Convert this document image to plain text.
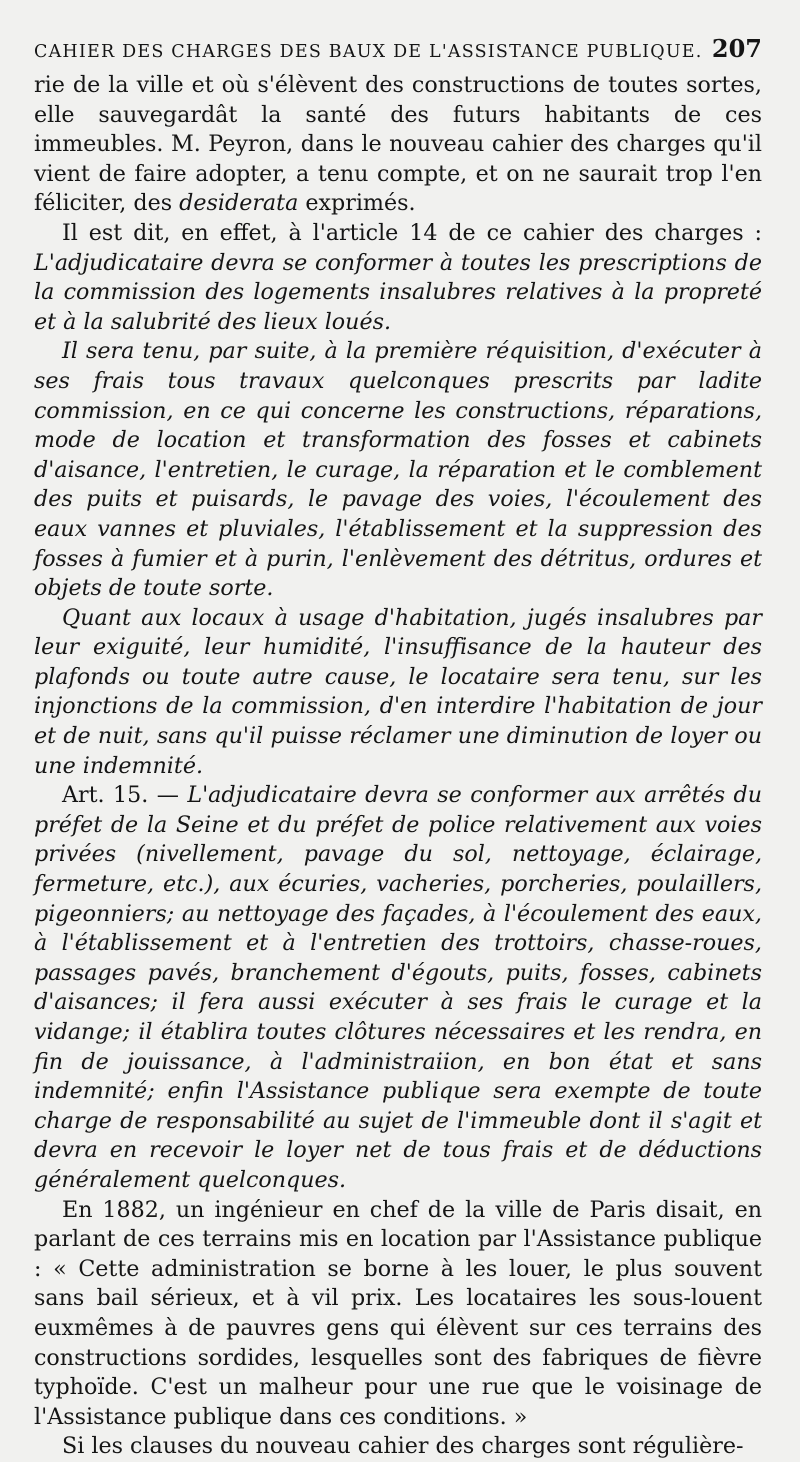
CAHIER DES CHARGES DES BAUX DE L'ASSISTANCE PUBLIQUE. 207

rie de la ville et où s'élèvent des constructions de toutes sortes, elle sauvegardât la santé des futurs habitants de ces immeubles. M. Peyron, dans le nouveau cahier des charges qu'il vient de faire adopter, a tenu compte, et on ne saurait trop l'en féliciter, des desiderata exprimés.

Il est dit, en effet, à l'article 14 de ce cahier des charges : L'adjudicataire devra se conformer à toutes les prescriptions de la commission des logements insalubres relatives à la propreté et à la salubrité des lieux loués.

Il sera tenu, par suite, à la première réquisition, d'exécuter à ses frais tous travaux quelconques prescrits par ladite commission, en ce qui concerne les constructions, réparations, mode de location et transformation des fosses et cabinets d'aisance, l'entretien, le curage, la réparation et le comblement des puits et puisards, le pavage des voies, l'écoulement des eaux vannes et pluviales, l'établissement et la suppression des fosses à fumier et à purin, l'enlèvement des détritus, ordures et objets de toute sorte.

Quant aux locaux à usage d'habitation, jugés insalubres par leur exiguité, leur humidité, l'insuffisance de la hauteur des plafonds ou toute autre cause, le locataire sera tenu, sur les injonctions de la commission, d'en interdire l'habitation de jour et de nuit, sans qu'il puisse réclamer une diminution de loyer ou une indemnité.

Art. 15. — L'adjudicataire devra se conformer aux arrêtés du préfet de la Seine et du préfet de police relativement aux voies privées (nivellement, pavage du sol, nettoyage, éclairage, fermeture, etc.), aux écuries, vacheries, porcheries, poulaillers, pigeonniers; au nettoyage des façades, à l'écoulement des eaux, à l'établissement et à l'entretien des trottoirs, chasse-roues, passages pavés, branchement d'égouts, puits, fosses, cabinets d'aisances; il fera aussi exécuter à ses frais le curage et la vidange; il établira toutes clôtures nécessaires et les rendra, en fin de jouissance, à l'administraiion, en bon état et sans indemnité; enfin l'Assistance publique sera exempte de toute charge de responsabilité au sujet de l'immeuble dont il s'agit et devra en recevoir le loyer net de tous frais et de déductions généralement quelconques.

En 1882, un ingénieur en chef de la ville de Paris disait, en parlant de ces terrains mis en location par l'Assistance publique : « Cette administration se borne à les louer, le plus souvent sans bail sérieux, et à vil prix. Les locataires les sous-louent euxmêmes à de pauvres gens qui élèvent sur ces terrains des constructions sordides, lesquelles sont des fabriques de fièvre typhoïde. C'est un malheur pour une rue que le voisinage de l'Assistance publique dans ces conditions. »

Si les clauses du nouveau cahier des charges sont régulière-
